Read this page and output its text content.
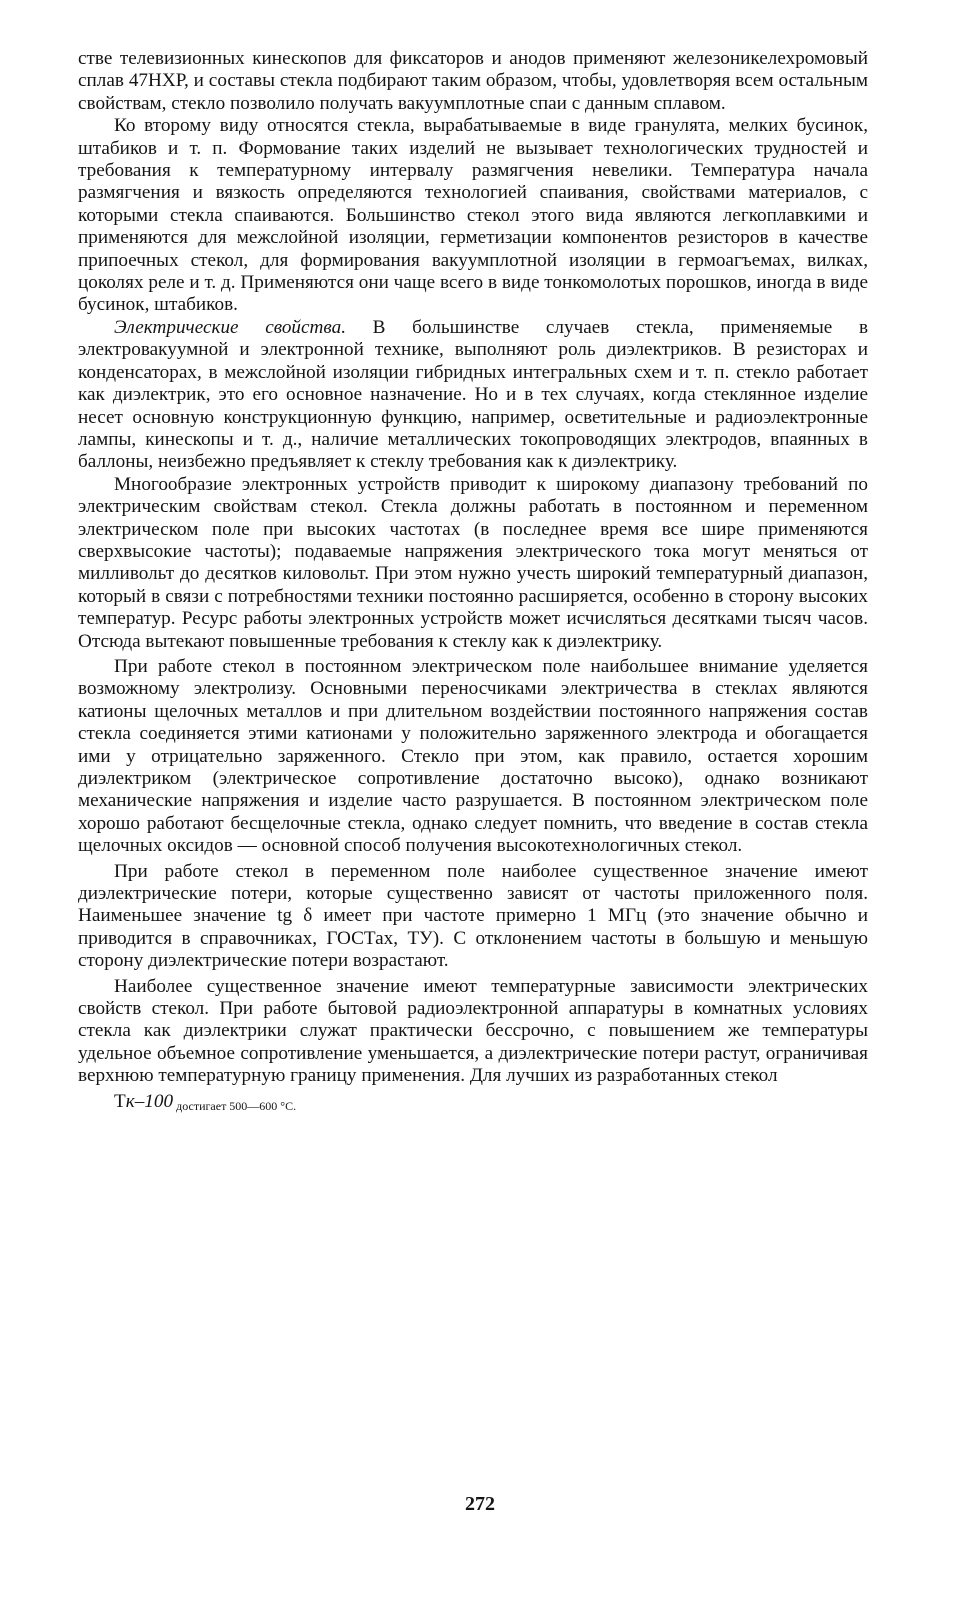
стве телевизионных кинескопов для фиксаторов и анодов применяют железоникелехромовый сплав 47НХР, и составы стекла подбирают таким образом, чтобы, удовлетворяя всем остальным свойствам, стекло позволило получать вакуумплотные спаи с данным сплавом.

Ко второму виду относятся стекла, вырабатываемые в виде гранулята, мелких бусинок, штабиков и т. п. Формование таких изделий не вызывает технологических трудностей и требования к температурному интервалу размягчения невелики. Температура начала размягчения и вязкость определяются технологией спаивания, свойствами материалов, с которыми стекла спаиваются. Большинство стекол этого вида являются легкоплавкими и применяются для межслойной изоляции, герметизации компонентов резисторов в качестве припоечных стекол, для формирования вакуумплотной изоляции в гермоагъемах, вилках, цоколях реле и т. д. Применяются они чаще всего в виде тонкомолотых порошков, иногда в виде бусинок, штабиков.

Электрические свойства. В большинстве случаев стекла, применяемые в электровакуумной и электронной технике, выполняют роль диэлектриков. В резисторах и конденсаторах, в межслойной изоляции гибридных интегральных схем и т. п. стекло работает как диэлектрик, это его основное назначение. Но и в тех случаях, когда стеклянное изделие несет основную конструкционную функцию, например, осветительные и радиоэлектронные лампы, кинескопы и т. д., наличие металлических токопроводящих электродов, впаянных в баллоны, неизбежно предъявляет к стеклу требования как к диэлектрику.

Многообразие электронных устройств приводит к широкому диапазону требований по электрическим свойствам стекол. Стекла должны работать в постоянном и переменном электрическом поле при высоких частотах (в последнее время все шире применяются сверхвысокие частоты); подаваемые напряжения электрического тока могут меняться от милливольт до десятков киловольт. При этом нужно учесть широкий температурный диапазон, который в связи с потребностями техники постоянно расширяется, особенно в сторону высоких температур. Ресурс работы электронных устройств может исчисляться десятками тысяч часов. Отсюда вытекают повышенные требования к стеклу как к диэлектрику.

При работе стекол в постоянном электрическом поле наибольшее внимание уделяется возможному электролизу. Основными переносчиками электричества в стеклах являются катионы щелочных металлов и при длительном воздействии постоянного напряжения состав стекла соединяется этими катионами у положительно заряженного электрода и обогащается ими у отрицательно заряженного. Стекло при этом, как правило, остается хорошим диэлектриком (электрическое сопротивление достаточно высоко), однако возникают механические напряжения и изделие часто разрушается. В постоянном электрическом поле хорошо работают бесщелочные стекла, однако следует помнить, что введение в состав стекла щелочных оксидов — основной способ получения высокотехнологичных стекол.

При работе стекол в переменном поле наиболее существенное значение имеют диэлектрические потери, которые существенно зависят от частоты приложенного поля. Наименьшее значение tg δ имеет при частоте примерно 1 МГц (это значение обычно и приводится в справочниках, ГОСТах, ТУ). С отклонением частоты в большую и меньшую сторону диэлектрические потери возрастают.

Наиболее существенное значение имеют температурные зависимости электрических свойств стекол. При работе бытовой радиоэлектронной аппаратуры в комнатных условиях стекла как диэлектрики служат практически бессрочно, с повышением же температуры удельное объемное сопротивление уменьшается, а диэлектрические потери растут, ограничивая верхнюю температурную границу применения. Для лучших из разработанных стекол

Tк–100 $_{достигает 500—600 ^\circ С.}$

272
